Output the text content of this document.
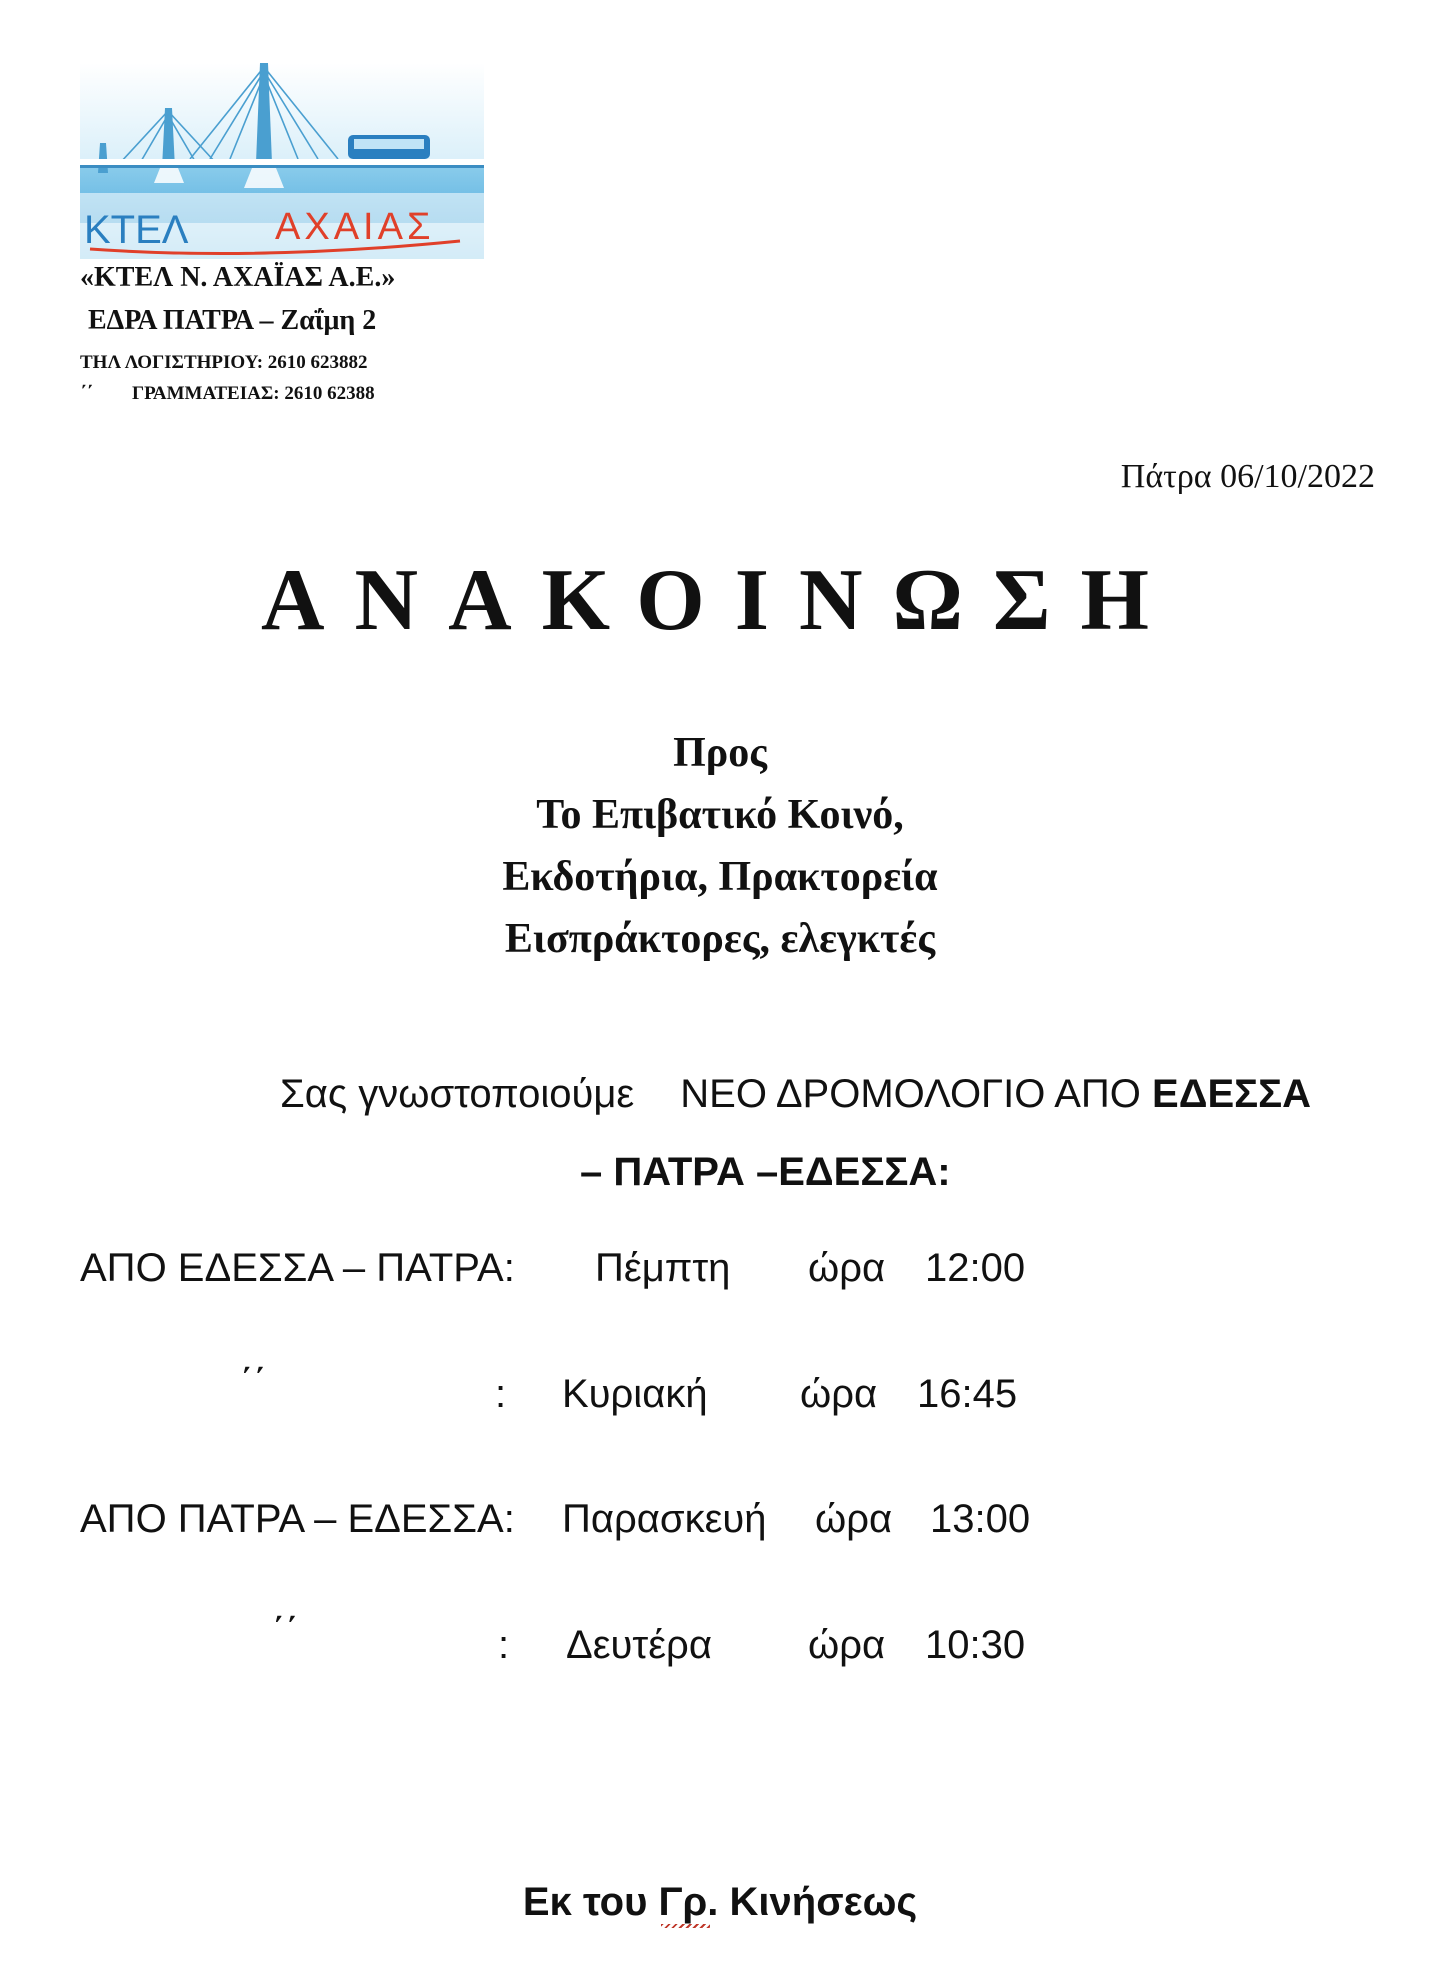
ΚΤΕΛ ΑΧΑΙΑΣ
«ΚΤΕΛ Ν. ΑΧΑΪΑΣ Α.Ε.»
ΕΔΡΑ ΠΑΤΡΑ – Ζαΐμη 2
ΤΗΛ ΛΟΓΙΣΤΗΡΙΟΥ: 2610 623882
΄΄ ΓΡΑΜΜΑΤΕΙΑΣ: 2610 62388
Πάτρα 06/10/2022
ΑΝΑΚΟΙΝΩΣΗ
Προς
Το Επιβατικό Κοινό,
Εκδοτήρια, Πρακτορεία
Εισπράκτορες, ελεγκτές
Σας γνωστοποιούμε ΝΕΟ ΔΡΟΜΟΛΟΓΙΟ ΑΠΟ ΕΔΕΣΣΑ
– ΠΑΤΡΑ –ΕΔΕΣΣΑ:
ΑΠΟ ΕΔΕΣΣΑ – ΠΑΤΡΑ: Πέμπτη ώρα 12:00
΄΄	: Κυριακή ώρα 16:45
ΑΠΟ ΠΑΤΡΑ – ΕΔΕΣΣΑ: Παρασκευή ώρα 13:00
΄΄	: Δευτέρα ώρα 10:30
Εκ του Γρ. Κινήσεως
